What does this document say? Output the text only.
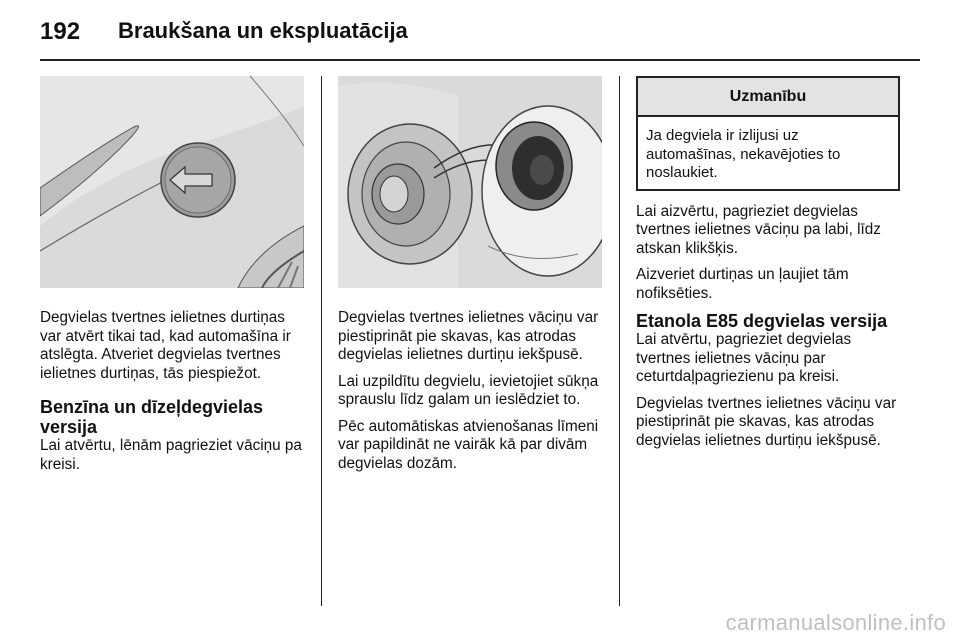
192 Braukšana un ekspluatācija

Degvielas tvertnes ielietnes durtiņas var atvērt tikai tad, kad automašīna ir atslēgta. Atveriet degvielas tvertnes ielietnes durtiņas, tās piespiežot.

Benzīna un dīzeļdegvielas versija

Lai atvērtu, lēnām pagrieziet vāciņu pa kreisi.

Degvielas tvertnes ielietnes vāciņu var piestiprināt pie skavas, kas atrodas degvielas ielietnes durtiņu iekšpusē.

Lai uzpildītu degvielu, ievietojiet sūkņa sprauslu līdz galam un ieslēdziet to.

Pēc automātiskas atvienošanas līmeni var papildināt ne vairāk kā par divām degvielas dozām.

Uzmanību
Ja degviela ir izlijusi uz automašīnas, nekavējoties to noslaukiet.

Lai aizvērtu, pagrieziet degvielas tvertnes ielietnes vāciņu pa labi, līdz atskan klikšķis.

Aizveriet durtiņas un ļaujiet tām nofiksēties.

Etanola E85 degvielas versija

Lai atvērtu, pagrieziet degvielas tvertnes ielietnes vāciņu par ceturtdaļpagriezienu pa kreisi.

Degvielas tvertnes ielietnes vāciņu var piestiprināt pie skavas, kas atrodas degvielas ielietnes durtiņu iekšpusē.

carmanualsonline.info
